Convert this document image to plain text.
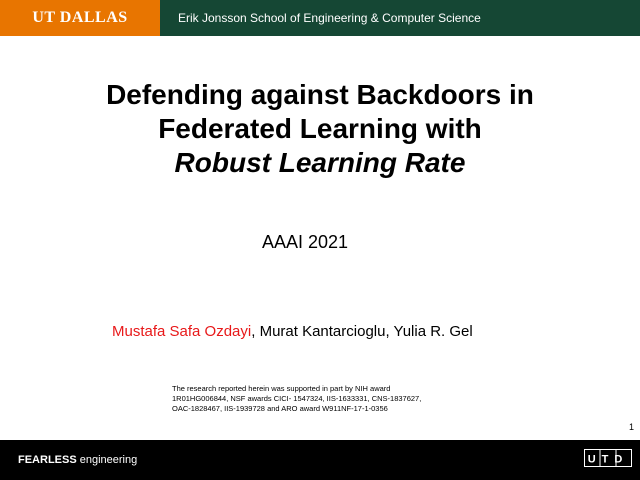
UT DALLAS	Erik Jonsson School of Engineering & Computer Science
Defending against Backdoors in
Federated Learning with
Robust Learning Rate
AAAI 2021
Mustafa Safa Ozdayi, Murat Kantarcioglu, Yulia R. Gel
The research reported herein was supported in part by NIH award
1R01HG006844, NSF awards CICI- 1547324, IIS-1633331, CNS-1837627,
OAC-1828467, IIS-1939728 and ARO award W911NF-17-1-0356
1
FEARLESS engineering	UTD
